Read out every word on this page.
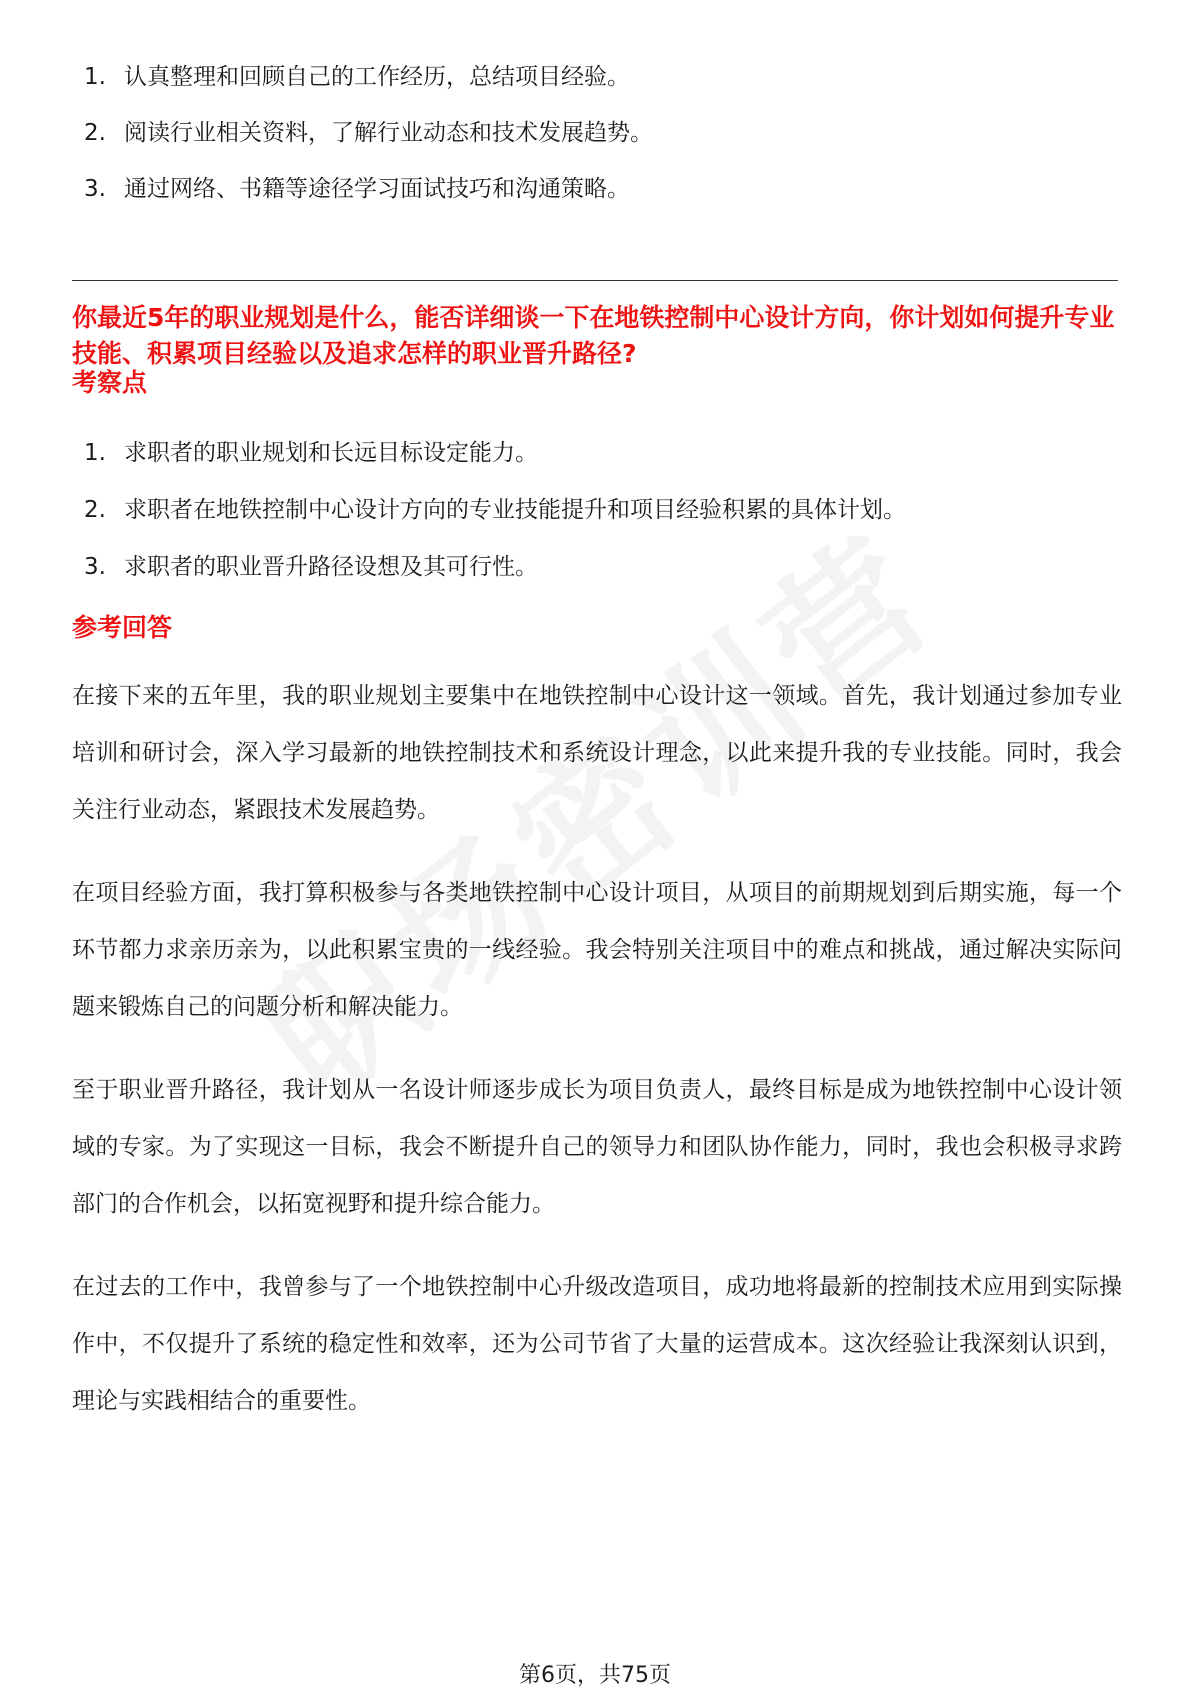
1. 认真整理和回顾自己的工作经历，总结项目经验。
2. 阅读行业相关资料，了解行业动态和技术发展趋势。
3. 通过网络、书籍等途径学习面试技巧和沟通策略。
你最近5年的职业规划是什么，能否详细谈一下在地铁控制中心设计方向，你计划如何提升专业技能、积累项目经验以及追求怎样的职业晋升路径?
考察点
1. 求职者的职业规划和长远目标设定能力。
2. 求职者在地铁控制中心设计方向的专业技能提升和项目经验积累的具体计划。
3. 求职者的职业晋升路径设想及其可行性。
参考回答

在接下来的五年里，我的职业规划主要集中在地铁控制中心设计这一领域。首先，我计划通过参加专业培训和研讨会，深入学习最新的地铁控制技术和系统设计理念，以此来提升我的专业技能。同时，我会关注行业动态，紧跟技术发展趋势。

在项目经验方面，我打算积极参与各类地铁控制中心设计项目，从项目的前期规划到后期实施，每一个环节都力求亲历亲为，以此积累宝贵的一线经验。我会特别关注项目中的难点和挑战，通过解决实际问题来锻炼自己的问题分析和解决能力。

至于职业晋升路径，我计划从一名设计师逐步成长为项目负责人，最终目标是成为地铁控制中心设计领域的专家。为了实现这一目标，我会不断提升自己的领导力和团队协作能力，同时，我也会积极寻求跨部门的合作机会，以拓宽视野和提升综合能力。

在过去的工作中，我曾参与了一个地铁控制中心升级改造项目，成功地将最新的控制技术应用到实际操作中，不仅提升了系统的稳定性和效率，还为公司节省了大量的运营成本。这次经验让我深刻认识到，理论与实践相结合的重要性。

第6页，共75页
